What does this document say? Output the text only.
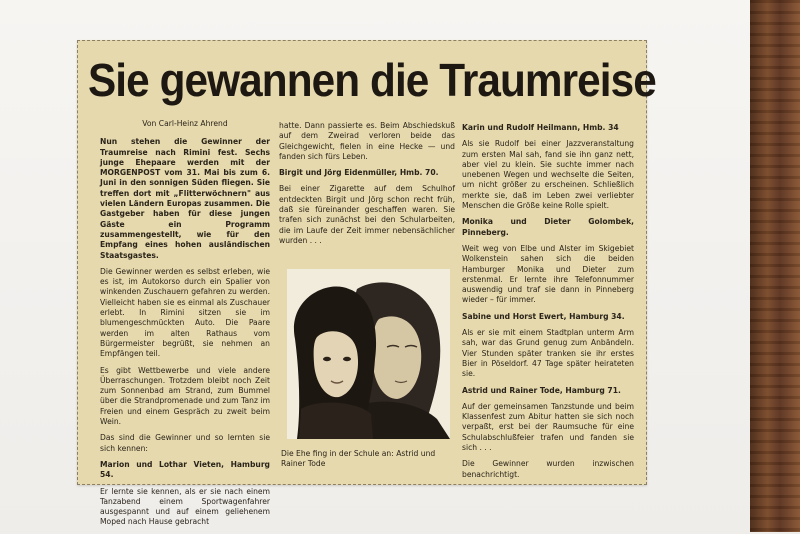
Sie gewannen die Traumreise

Von Carl-Heinz Ahrend

Nun stehen die Gewinner der Traumreise nach Rimini fest. Sechs junge Ehepaare werden mit der MORGENPOST vom 31. Mai bis zum 6. Juni in den sonnigen Süden fliegen. Sie treffen dort mit „Flitterwöchnern" aus vielen Ländern Europas zusammen. Die Gastgeber haben für diese jungen Gäste ein Programm zusammengestellt, wie für den Empfang eines hohen ausländischen Staatsgastes.

Die Gewinner werden es selbst erleben, wie es ist, im Autokorso durch ein Spalier von winkenden Zuschauern gefahren zu werden. Vielleicht haben sie es einmal als Zuschauer erlebt. In Rimini sitzen sie im blumengeschmückten Auto. Die Paare werden im alten Rathaus vom Bürgermeister begrüßt, sie nehmen an Empfängen teil.

Es gibt Wettbewerbe und viele andere Überraschungen. Trotzdem bleibt noch Zeit zum Sonnenbad am Strand, zum Bummel über die Strandpromenade und zum Tanz im Freien und einem Gespräch zu zweit beim Wein.

Das sind die Gewinner und so lernten sie sich kennen:

Marion und Lothar Vieten, Hamburg 54.

Er lernte sie kennen, als er sie nach einem Tanzabend einem Sportwagenfahrer ausgespannt und auf einem geliehenem Moped nach Hause gebracht

hatte. Dann passierte es. Beim Abschiedskuß auf dem Zweirad verloren beide das Gleichgewicht, fielen in eine Hecke — und fanden sich fürs Leben.

Birgit und Jörg Eidenmüller, Hmb. 70.

Bei einer Zigarette auf dem Schulhof entdeckten Birgit und Jörg schon recht früh, daß sie füreinander geschaffen waren. Sie trafen sich zunächst bei den Schularbeiten, die im Laufe der Zeit immer nebensächlicher wurden . . .

Die Ehe fing in der Schule an: Astrid und Rainer Tode

Karin und Rudolf Heilmann, Hmb. 34

Als sie Rudolf bei einer Jazzveranstaltung zum ersten Mal sah, fand sie ihn ganz nett, aber viel zu klein. Sie suchte immer nach unebenen Wegen und wechselte die Seiten, um nicht größer zu erscheinen. Schließlich merkte sie, daß im Leben zwei verliebter Menschen die Größe keine Rolle spielt.

Monika und Dieter Golombek, Pinneberg.

Weit weg von Elbe und Alster im Skigebiet Wolkenstein sahen sich die beiden Hamburger Monika und Dieter zum erstenmal. Er lernte ihre Telefonnummer auswendig und traf sie dann in Pinneberg wieder – für immer.

Sabine und Horst Ewert, Hamburg 34.

Als er sie mit einem Stadtplan unterm Arm sah, war das Grund genug zum Anbändeln. Vier Stunden später tranken sie ihr erstes Bier in Pöseldorf. 47 Tage später heirateten sie.

Astrid und Rainer Tode, Hamburg 71.

Auf der gemeinsamen Tanzstunde und beim Klassenfest zum Abitur hatten sie sich noch verpaßt, erst bei der Raumsuche für eine Schulabschlußfeier trafen und fanden sie sich . . .

Die Gewinner wurden inzwischen benachrichtigt.
